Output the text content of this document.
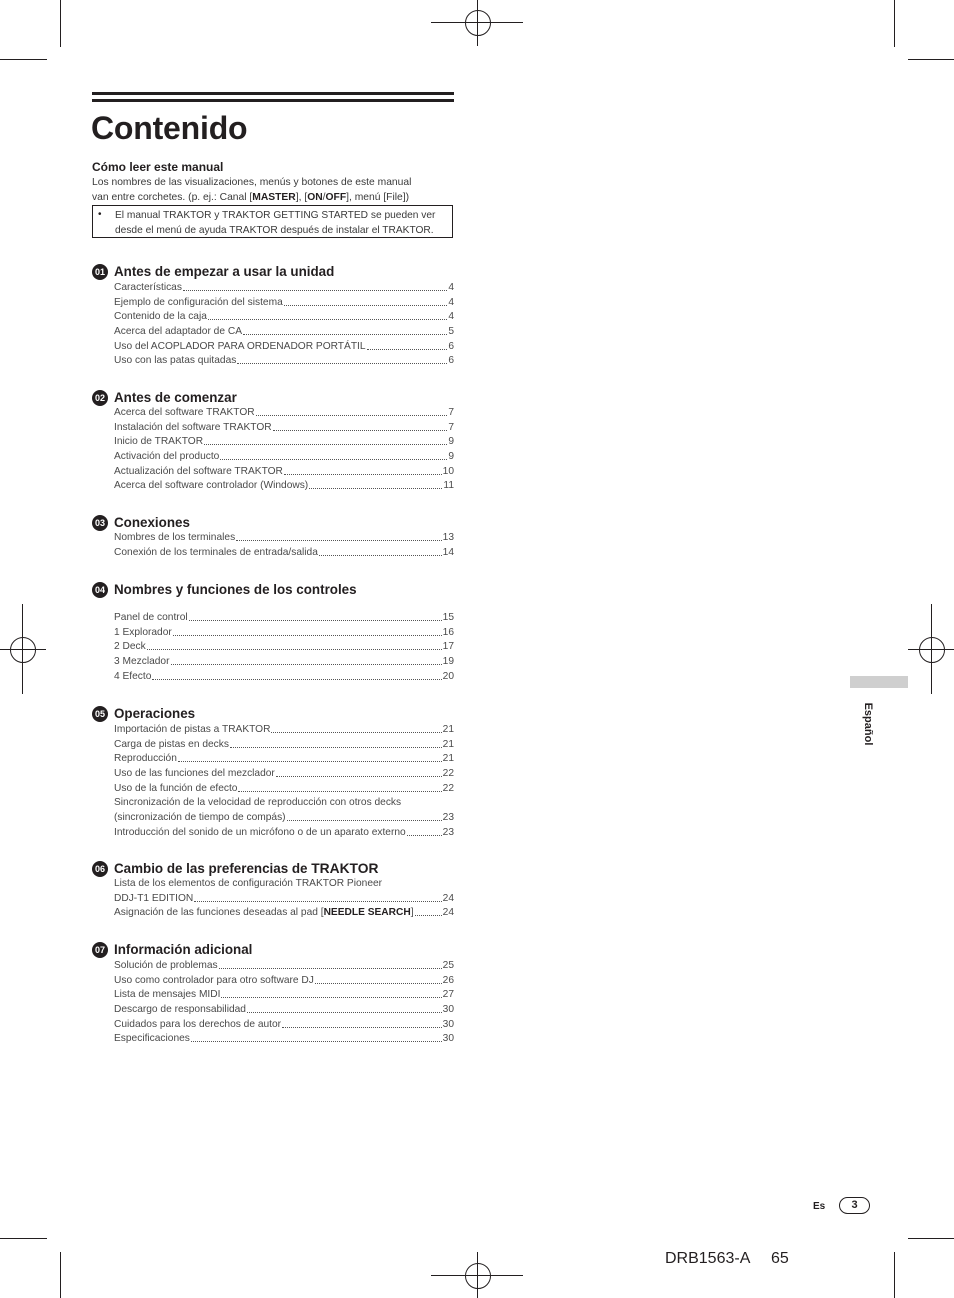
Contenido
Cómo leer este manual
Los nombres de las visualizaciones, menús y botones de este manual
van entre corchetes. (p. ej.: Canal [MASTER], [ON/OFF], menú [File])
• El manual TRAKTOR y TRAKTOR GETTING STARTED se pueden ver desde el menú de ayuda TRAKTOR después de instalar el TRAKTOR.
01 Antes de empezar a usar la unidad
Características	4
Ejemplo de configuración del sistema	4
Contenido de la caja	4
Acerca del adaptador de CA	5
Uso del ACOPLADOR PARA ORDENADOR PORTÁTIL	6
Uso con las patas quitadas	6
02 Antes de comenzar
Acerca del software TRAKTOR	7
Instalación del software TRAKTOR	7
Inicio de TRAKTOR	9
Activación del producto	9
Actualización del software TRAKTOR	10
Acerca del software controlador (Windows)	11
03 Conexiones
Nombres de los terminales	13
Conexión de los terminales de entrada/salida	14
04 Nombres y funciones de los controles
Panel de control	15
1 Explorador	16
2 Deck	17
3 Mezclador	19
4 Efecto	20
05 Operaciones
Importación de pistas a TRAKTOR	21
Carga de pistas en decks	21
Reproducción	21
Uso de las funciones del mezclador	22
Uso de la función de efecto	22
Sincronización de la velocidad de reproducción con otros decks
(sincronización de tiempo de compás)	23
Introducción del sonido de un micrófono o de un aparato externo	23
06 Cambio de las preferencias de TRAKTOR
Lista de los elementos de configuración TRAKTOR Pioneer
DDJ-T1 EDITION	24
Asignación de las funciones deseadas al pad [NEEDLE SEARCH]	24
07 Información adicional
Solución de problemas	25
Uso como controlador para otro software DJ	26
Lista de mensajes MIDI	27
Descargo de responsabilidad	30
Cuidados para los derechos de autor	30
Especificaciones	30
Español
Es	3
DRB1563-A 65
